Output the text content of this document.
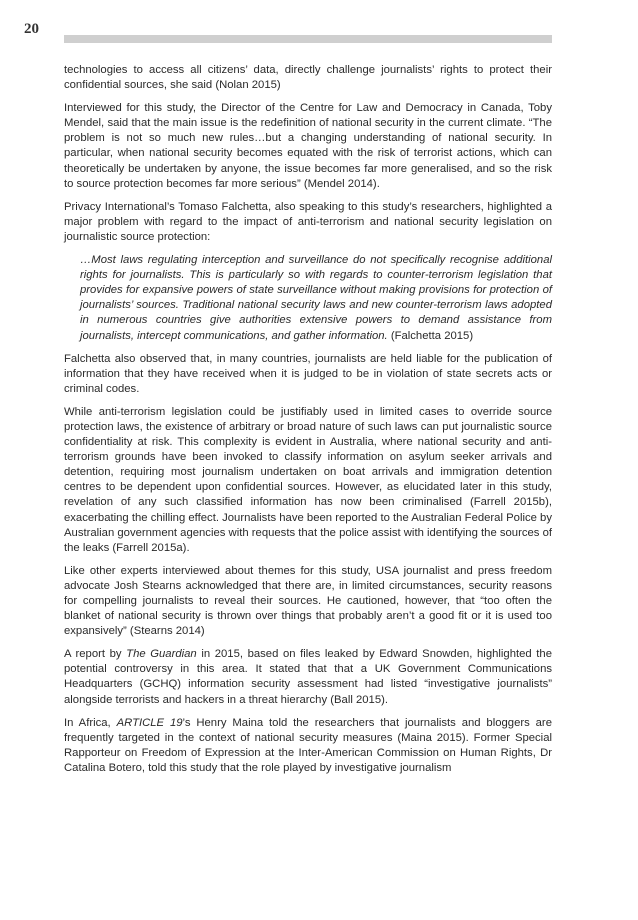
20

technologies to access all citizens’ data, directly challenge journalists’ rights to protect their confidential sources, she said (Nolan 2015)

Interviewed for this study, the Director of the Centre for Law and Democracy in Canada, Toby Mendel, said that the main issue is the redefinition of national security in the current climate. “The problem is not so much new rules…but a changing understanding of national security. In particular, when national security becomes equated with the risk of terrorist actions, which can theoretically be undertaken by anyone, the issue becomes far more generalised, and so the risk to source protection becomes far more serious” (Mendel 2014).

Privacy International’s Tomaso Falchetta, also speaking to this study’s researchers, highlighted a major problem with regard to the impact of anti-terrorism and national security legislation on journalistic source protection:

…Most laws regulating interception and surveillance do not specifically recognise additional rights for journalists. This is particularly so with regards to counter-terrorism legislation that provides for expansive powers of state surveillance without making provisions for protection of journalists’ sources. Traditional national security laws and new counter-terrorism laws adopted in numerous countries give authorities extensive powers to demand assistance from journalists, intercept communications, and gather information. (Falchetta 2015)

Falchetta also observed that, in many countries, journalists are held liable for the publication of information that they have received when it is judged to be in violation of state secrets acts or criminal codes.

While anti-terrorism legislation could be justifiably used in limited cases to override source protection laws, the existence of arbitrary or broad nature of such laws can put journalistic source confidentiality at risk. This complexity is evident in Australia, where national security and anti-terrorism grounds have been invoked to classify information on asylum seeker arrivals and detention, requiring most journalism undertaken on boat arrivals and immigration detention centres to be dependent upon confidential sources. However, as elucidated later in this study, revelation of any such classified information has now been criminalised (Farrell 2015b), exacerbating the chilling effect. Journalists have been reported to the Australian Federal Police by Australian government agencies with requests that the police assist with identifying the sources of the leaks (Farrell 2015a).

Like other experts interviewed about themes for this study, USA journalist and press freedom advocate Josh Stearns acknowledged that there are, in limited circumstances, security reasons for compelling journalists to reveal their sources. He cautioned, however, that “too often the blanket of national security is thrown over things that probably aren’t a good fit or it is used too expansively” (Stearns 2014)

A report by The Guardian in 2015, based on files leaked by Edward Snowden, highlighted the potential controversy in this area. It stated that that a UK Government Communications Headquarters (GCHQ) information security assessment had listed “investigative journalists” alongside terrorists and hackers in a threat hierarchy (Ball 2015).

In Africa, ARTICLE 19’s Henry Maina told the researchers that journalists and bloggers are frequently targeted in the context of national security measures (Maina 2015). Former Special Rapporteur on Freedom of Expression at the Inter-American Commission on Human Rights, Dr Catalina Botero, told this study that the role played by investigative journalism
